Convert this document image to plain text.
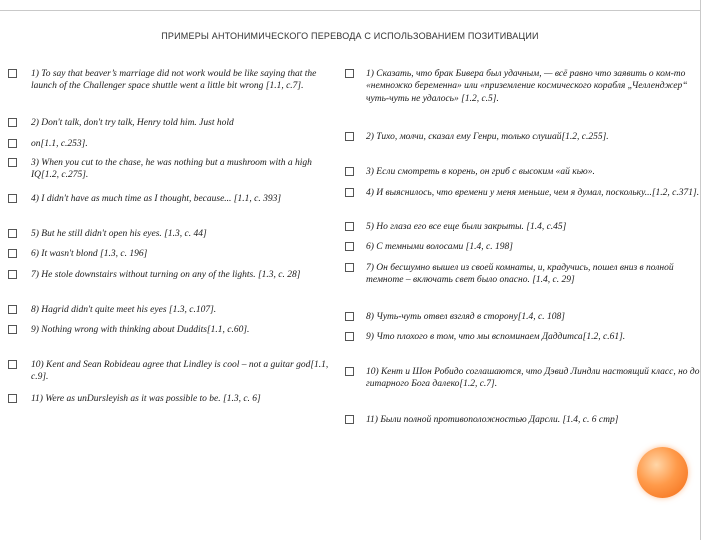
ПРИМЕРЫ АНТОНИМИЧЕСКОГО ПЕРЕВОДА С ИСПОЛЬЗОВАНИЕМ ПОЗИТИВАЦИИ
1) To say that beaver’s marriage did not work would be like saying that the launch of the Challenger space shuttle went a little bit wrong [1.1, c.7].
2) Don't talk, don't try talk, Henry told him. Just hold
on[1.1, c.253].
3) When you cut to the chase, he was nothing but a mushroom with a high IQ[1.2, c.275].
4) I didn't have as much time as I thought, because... [1.1, c. 393]
5) But he still didn't open his eyes. [1.3, c. 44]
6) It wasn't blond [1.3, c. 196]
7) He stole downstairs without turning on any of the lights. [1.3, c. 28]
8) Hagrid didn't quite meet his eyes [1.3, c.107].
9) Nothing wrong with thinking about Duddits[1.1, c.60].
10) Kent and Sean Robideau agree that Lindley is cool – not a guitar god[1.1, c.9].
11) Were as unDursleyish as it was possible to be. [1.3, c. 6]
1) Сказать, что брак Бивера был удачным, — всё равно что заявить о ком-то «немножко беременна» или «приземление космического корабля „Челленджер“ чуть-чуть не удалось» [1.2, с.5].
2) Тихо, молчи, сказал ему Генри, только слушай[1.2, с.255].
3) Если смотреть в корень, он гриб с высоким «ай кью».
4) И выяснилось, что времени у меня меньше, чем я думал, поскольку...[1.2, с.371].
5) Но глаза его все еще были закрыты. [1.4, с.45]
6) С темными волосами [1.4, с. 198]
7) Он бесшумно вышел из своей комнаты, и, крадучись, пошел вниз в полной темноте – включать свет было опасно. [1.4, с. 29]
8) Чуть-чуть отвел взгляд в сторону[1.4, с. 108]
9) Что плохого в том, что мы вспоминаем Даддитса[1.2, с.61].
10) Кент и Шон Робидо соглашаются, что Дэвид Линдли настоящий класс, но до гитарного Бога далеко[1.2, с.7].
11) Были полной противоположностью Дарсли. [1.4, с. 6 стр]
